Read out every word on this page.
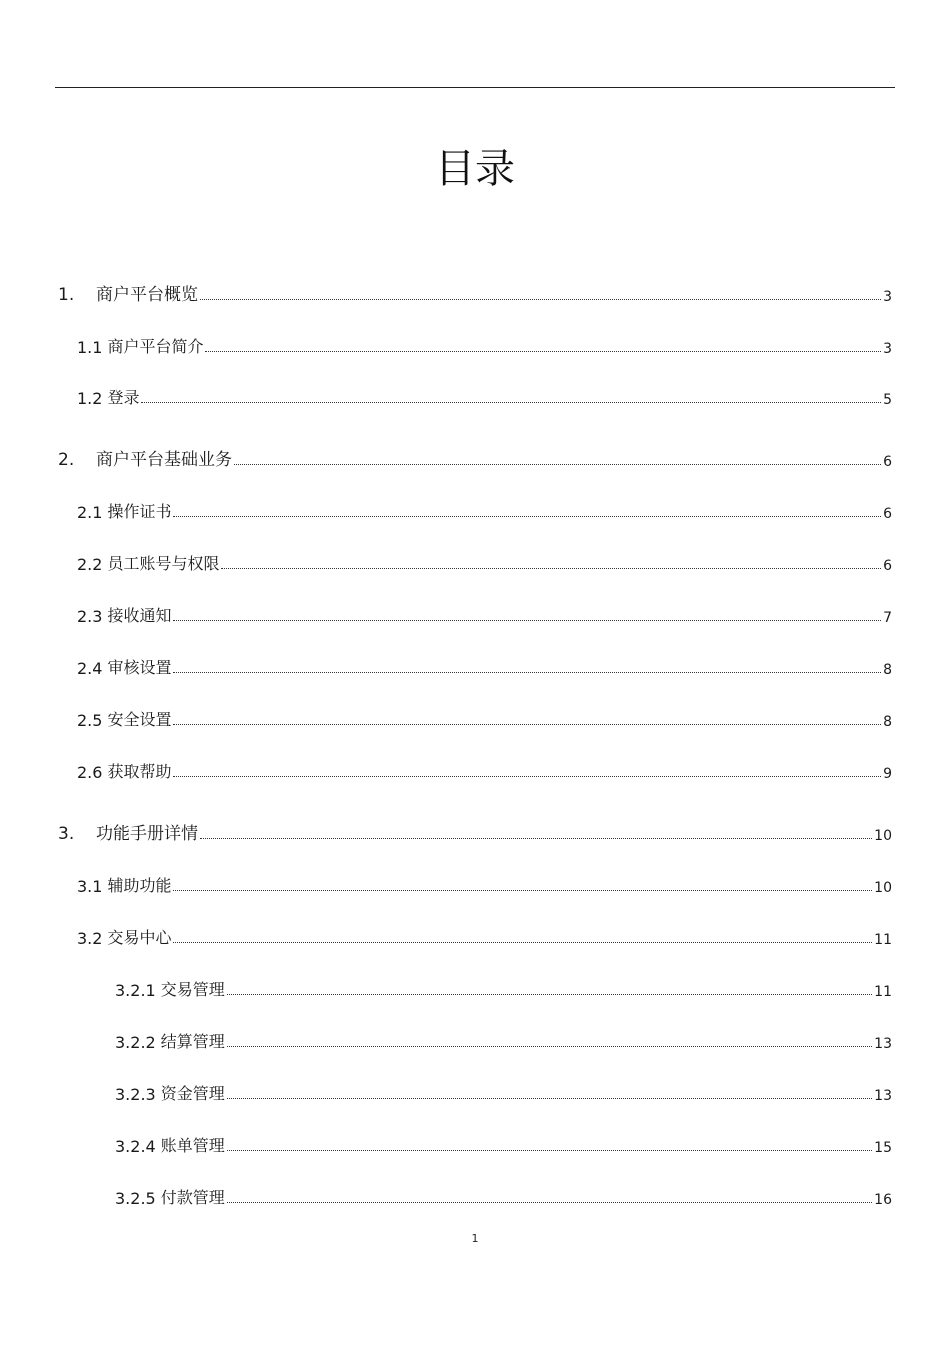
目录
1.	商户平台概览	3
1.1 商户平台简介	3
1.2 登录	5
2.	商户平台基础业务	6
2.1 操作证书	6
2.2 员工账号与权限	6
2.3 接收通知	7
2.4 审核设置	8
2.5 安全设置	8
2.6 获取帮助	9
3.	功能手册详情	10
3.1 辅助功能	10
3.2 交易中心	11
3.2.1 交易管理	11
3.2.2 结算管理	13
3.2.3 资金管理	13
3.2.4 账单管理	15
3.2.5 付款管理	16
1
